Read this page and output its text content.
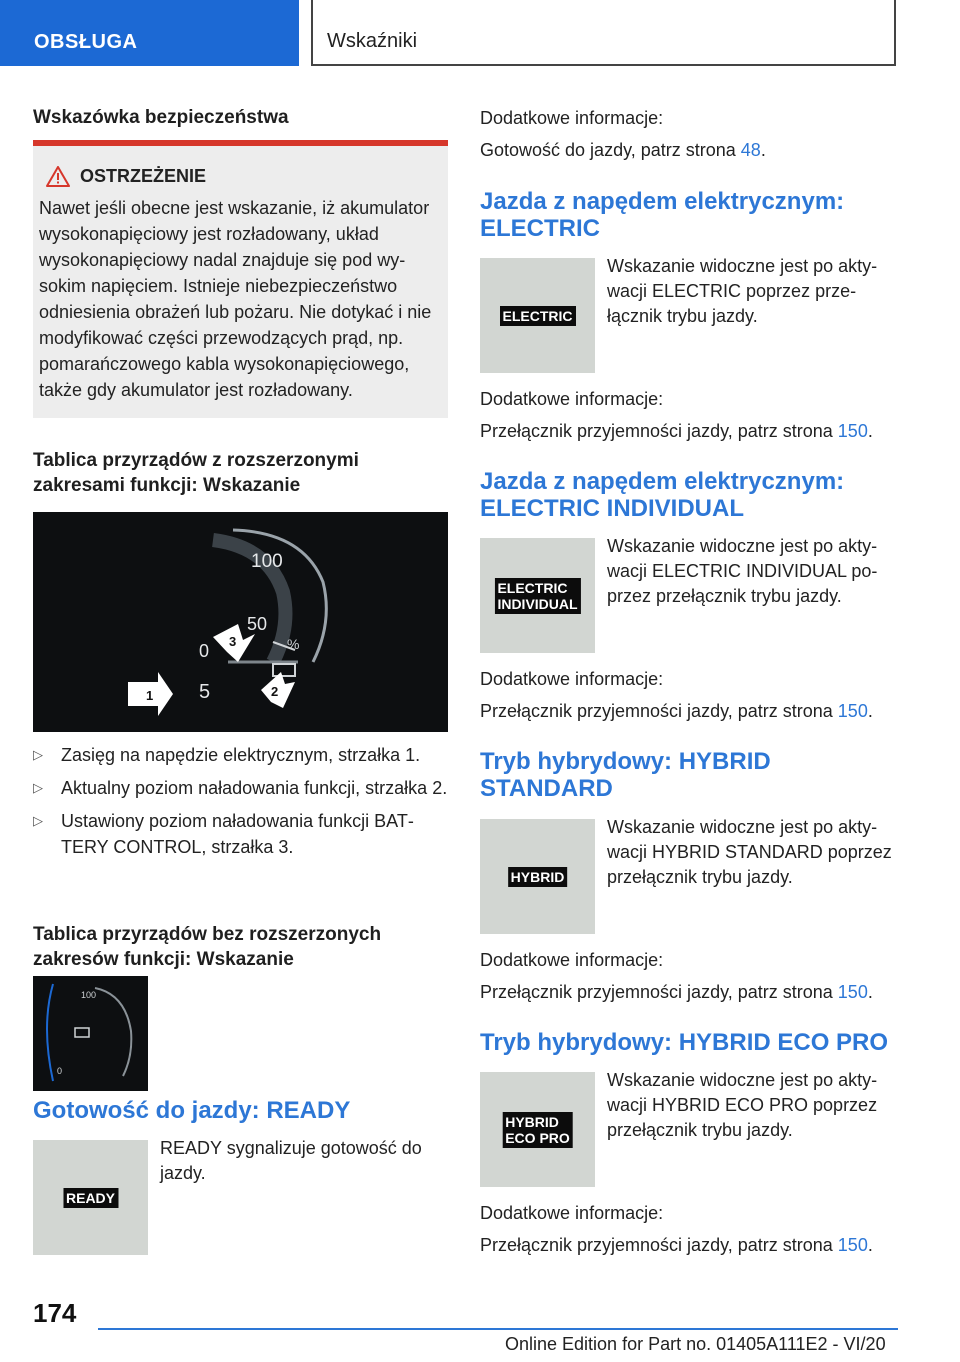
OBSŁUGA	Wskaźniki
Wskazówka bezpieczeństwa
OSTRZEŻENIE
Nawet jeśli obecne jest wskazanie, iż akumulator wysokonapięciowy jest rozładowany, układ wysokonapięciowy nadal znajduje się pod wysokim napięciem. Istnieje niebezpieczeństwo odniesienia obrażeń lub pożaru. Nie dotykać i nie modyfikować części przewodzących prąd, np. pomarańczowego kabla wysokonapięciowego, także gdy akumulator jest rozładowany.
Tablica przyrządów z rozszerzonymi zakresami funkcji: Wskazanie
100
50
0	%
5
1	2
3
▷ Zasięg na napędzie elektrycznym, strzałka 1.
▷ Aktualny poziom naładowania funkcji, strzałka 2.
▷ Ustawiony poziom naładowania funkcji BATTERY CONTROL, strzałka 3.
Tablica przyrządów bez rozszerzonych zakresów funkcji: Wskazanie
100
0
Gotowość do jazdy: READY
READY
READY sygnalizuje gotowość do jazdy.
Dodatkowe informacje:
Gotowość do jazdy, patrz strona 48.
Jazda z napędem elektrycznym: ELECTRIC
ELECTRIC
Wskazanie widoczne jest po aktywacji ELECTRIC poprzez przełącznik trybu jazdy.
Dodatkowe informacje:
Przełącznik przyjemności jazdy, patrz strona 150.
Jazda z napędem elektrycznym: ELECTRIC INDIVIDUAL
ELECTRIC
INDIVIDUAL
Wskazanie widoczne jest po aktywacji ELECTRIC INDIVIDUAL poprzez przełącznik trybu jazdy.
Dodatkowe informacje:
Przełącznik przyjemności jazdy, patrz strona 150.
Tryb hybrydowy: HYBRID STANDARD
HYBRID
Wskazanie widoczne jest po aktywacji HYBRID STANDARD poprzez przełącznik trybu jazdy.
Dodatkowe informacje:
Przełącznik przyjemności jazdy, patrz strona 150.
Tryb hybrydowy: HYBRID ECO PRO
HYBRID
ECO PRO
Wskazanie widoczne jest po aktywacji HYBRID ECO PRO poprzez przełącznik trybu jazdy.
Dodatkowe informacje:
Przełącznik przyjemności jazdy, patrz strona 150.
174
Online Edition for Part no. 01405A111E2 - VI/20
